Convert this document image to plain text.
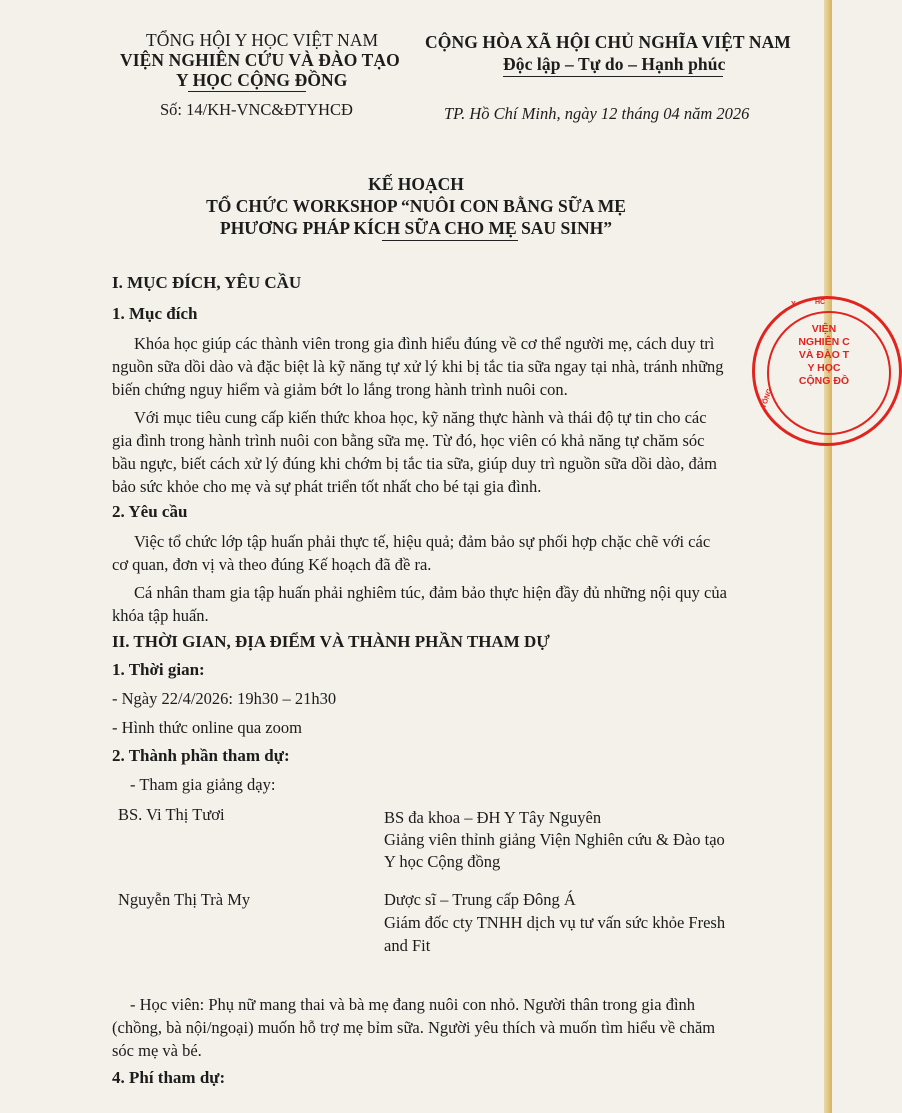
TỔNG HỘI Y HỌC VIỆT NAM
VIỆN NGHIÊN CỨU VÀ ĐÀO TẠO
Y HỌC CỘNG ĐỒNG
Số: 14/KH-VNC&ĐTYHCĐ
CỘNG HÒA XÃ HỘI CHỦ NGHĨA VIỆT NAM
Độc lập – Tự do – Hạnh phúc
TP. Hồ Chí Minh, ngày 12 tháng 04 năm 2026
KẾ HOẠCH
TỔ CHỨC WORKSHOP “NUÔI CON BẰNG SỮA MẸ
PHƯƠNG PHÁP KÍCH SỮA CHO MẸ SAU SINH”
I. MỤC ĐÍCH, YÊU CẦU
1. Mục đích
Khóa học giúp các thành viên trong gia đình hiểu đúng về cơ thể người mẹ, cách duy trì
nguồn sữa dồi dào và đặc biệt là kỹ năng tự xử lý khi bị tắc tia sữa ngay tại nhà, tránh những
biến chứng nguy hiểm và giảm bớt lo lắng trong hành trình nuôi con.
Với mục tiêu cung cấp kiến thức khoa học, kỹ năng thực hành và thái độ tự tin cho các
gia đình trong hành trình nuôi con bằng sữa mẹ. Từ đó, học viên có khả năng tự chăm sóc
bầu ngực, biết cách xử lý đúng khi chớm bị tắc tia sữa, giúp duy trì nguồn sữa dồi dào, đảm
bảo sức khỏe cho mẹ và sự phát triển tốt nhất cho bé tại gia đình.
2. Yêu cầu
Việc tổ chức lớp tập huấn phải thực tế, hiệu quả; đảm bảo sự phối hợp chặc chẽ với các
cơ quan, đơn vị và theo đúng Kế hoạch đã đề ra.
Cá nhân tham gia tập huấn phải nghiêm túc, đảm bảo thực hiện đầy đủ những nội quy của
khóa tập huấn.
II. THỜI GIAN, ĐỊA ĐIỂM VÀ THÀNH PHẦN THAM DỰ
1. Thời gian:
- Ngày 22/4/2026: 19h30 – 21h30
- Hình thức online qua zoom
2. Thành phần tham dự:
- Tham gia giảng dạy:
BS. Vi Thị Tươi	BS đa khoa – ĐH Y Tây Nguyên
Giảng viên thỉnh giảng Viện Nghiên cứu & Đào tạo
Y học Cộng đồng
Nguyễn Thị Trà My	Dược sĩ – Trung cấp Đông Á
Giám đốc cty TNHH dịch vụ tư vấn sức khỏe Fresh
and Fit
- Học viên: Phụ nữ mang thai và bà mẹ đang nuôi con nhỏ. Người thân trong gia đình
(chồng, bà nội/ngoại) muốn hỗ trợ mẹ bỉm sữa. Người yêu thích và muốn tìm hiểu về chăm
sóc mẹ và bé.
4. Phí tham dự:
Y	HC
TỔNG
VIỆN
NGHIÊN C
VÀ ĐÀO T
Y HỌC
CỘNG ĐỒ
